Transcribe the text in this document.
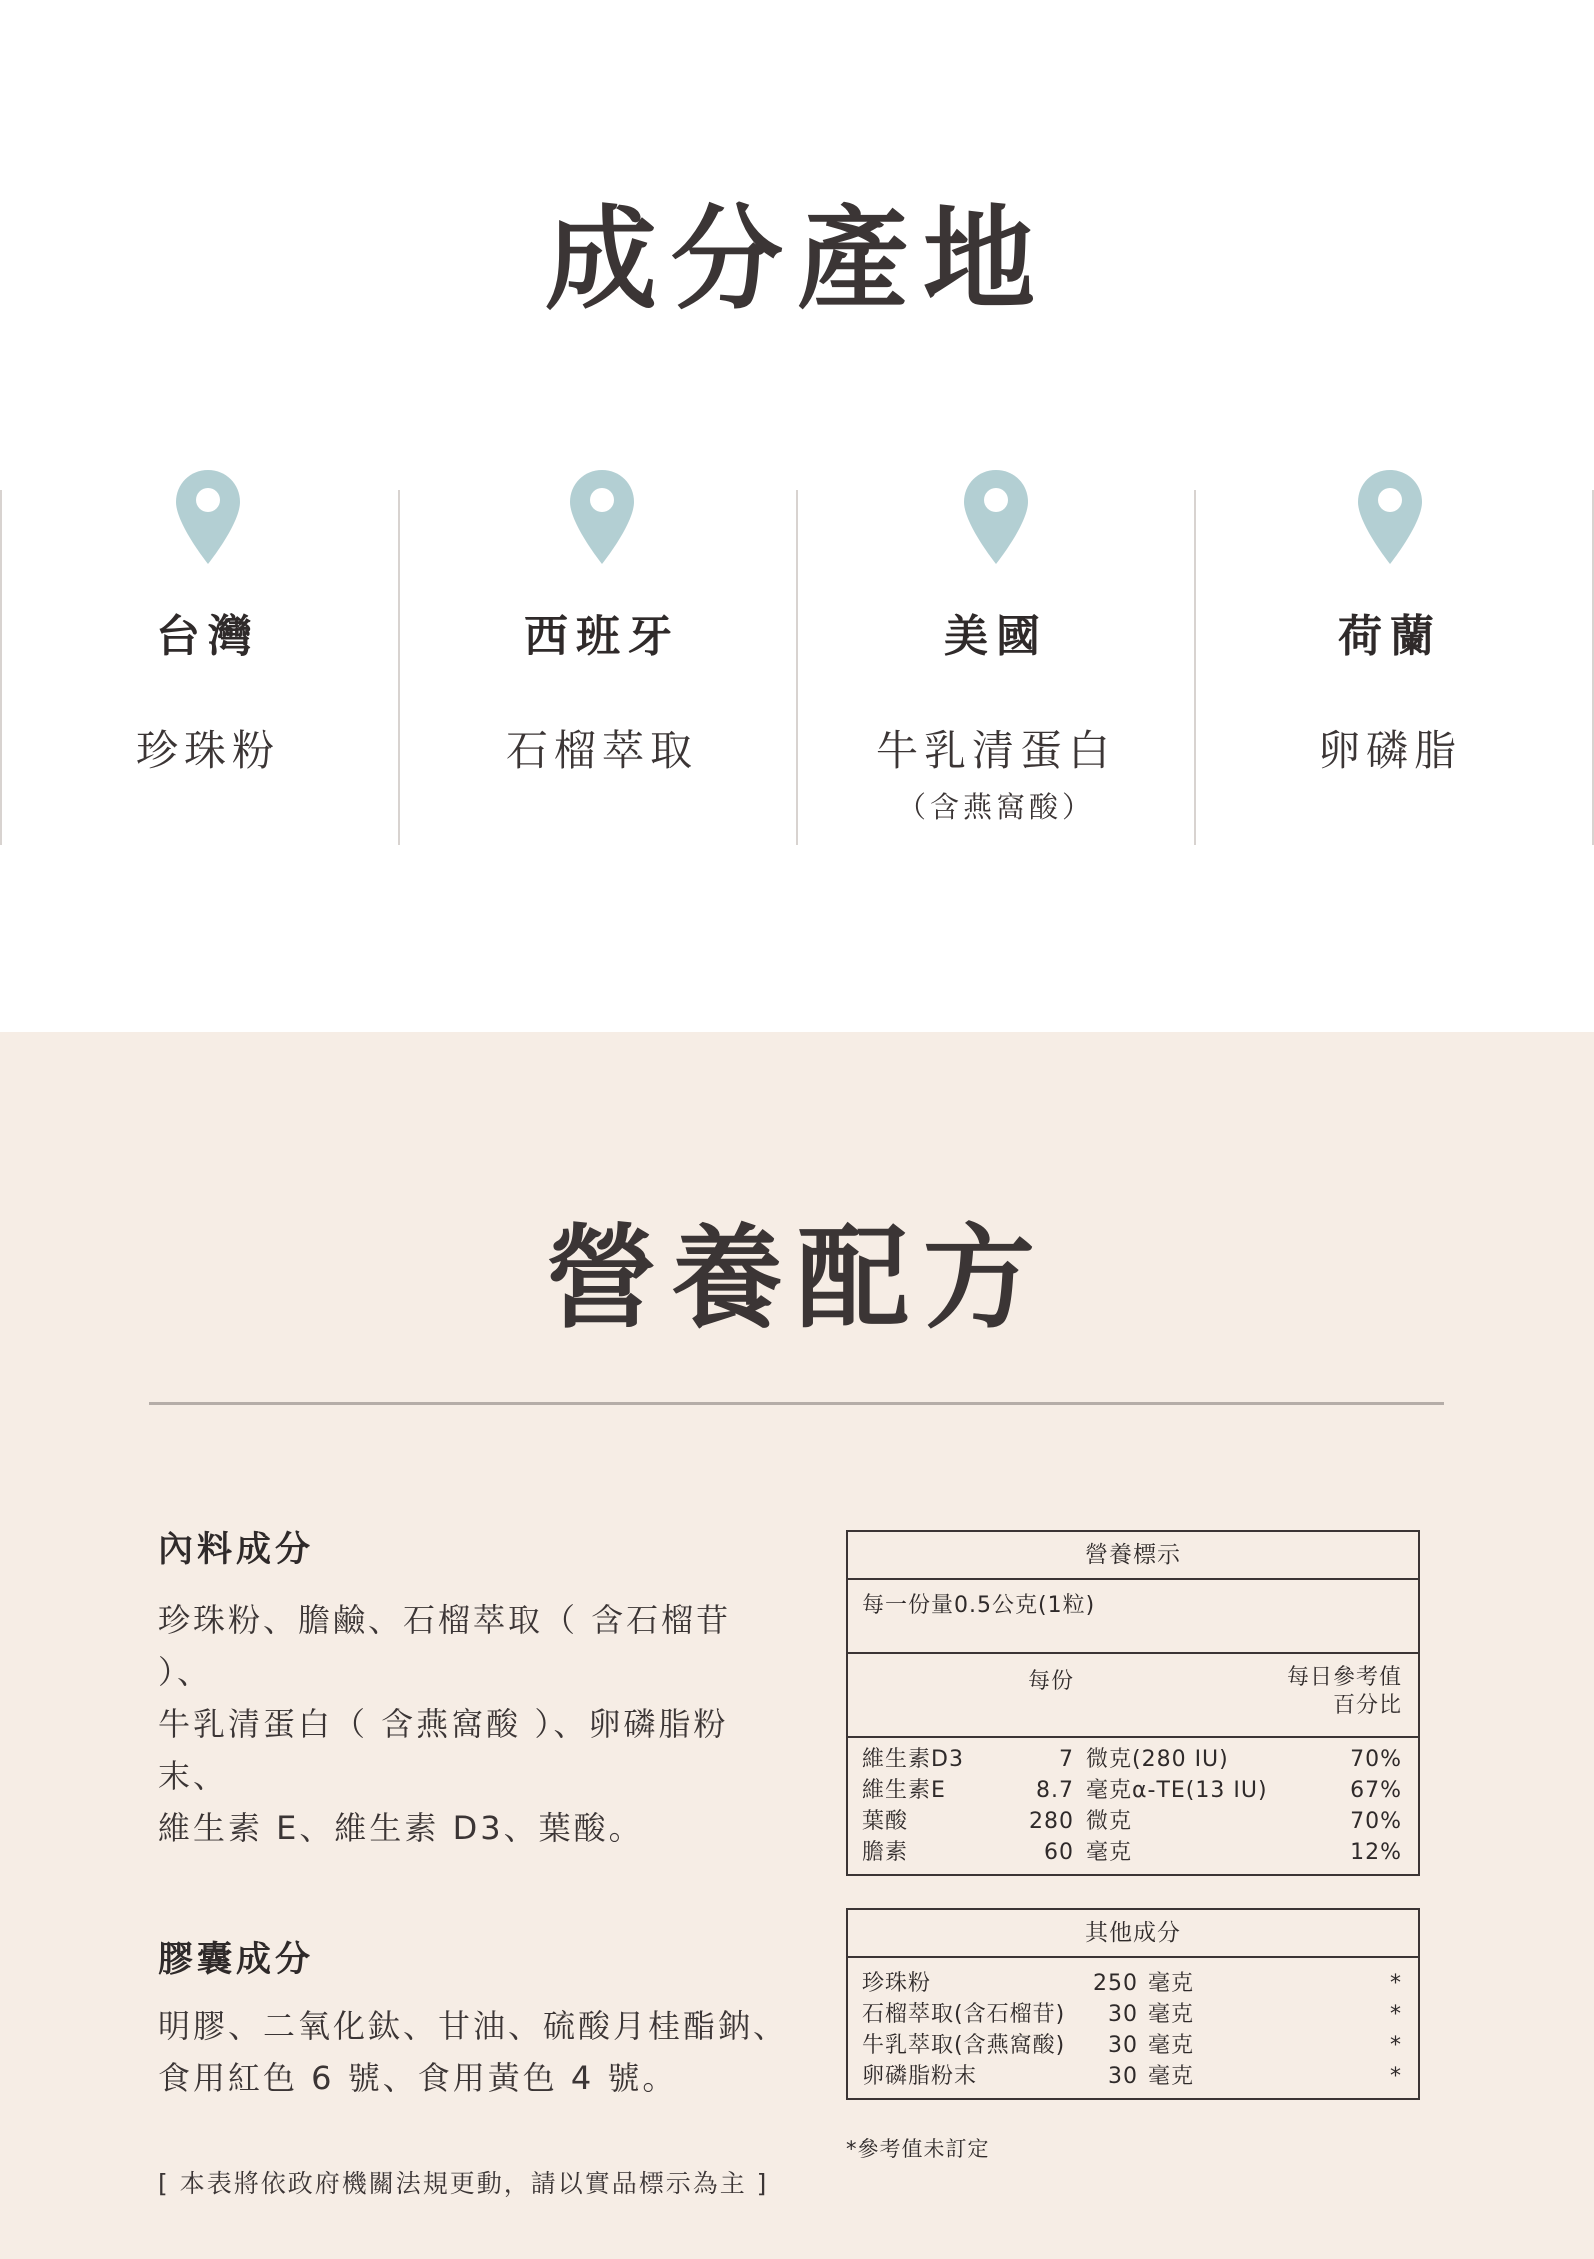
成分產地
台灣
珍珠粉
西班牙
石榴萃取
美國
牛乳清蛋白
（含燕窩酸）
荷蘭
卵磷脂
營養配方
內料成分
珍珠粉、膽鹼、石榴萃取（ 含石榴苷 ）、
牛乳清蛋白（ 含燕窩酸 ）、卵磷脂粉末、
維生素 E、維生素 D3、葉酸。
膠囊成分
明膠、二氧化鈦、甘油、硫酸月桂酯鈉、
食用紅色 6 號、食用黃色 4 號。
[ 本表將依政府機關法規更動，請以實品標示為主 ]
營養標示
每一份量0.5公克(1粒)
每份	每日參考值
百分比
維生素D3	7 微克(280 IU)	70%
維生素E	8.7 毫克α-TE(13 IU)	67%
葉酸	280 微克	70%
膽素	60 毫克	12%
其他成分
珍珠粉	250 毫克	*
石榴萃取(含石榴苷)	30 毫克	*
牛乳萃取(含燕窩酸)	30 毫克	*
卵磷脂粉末	30 毫克	*
*參考值未訂定
